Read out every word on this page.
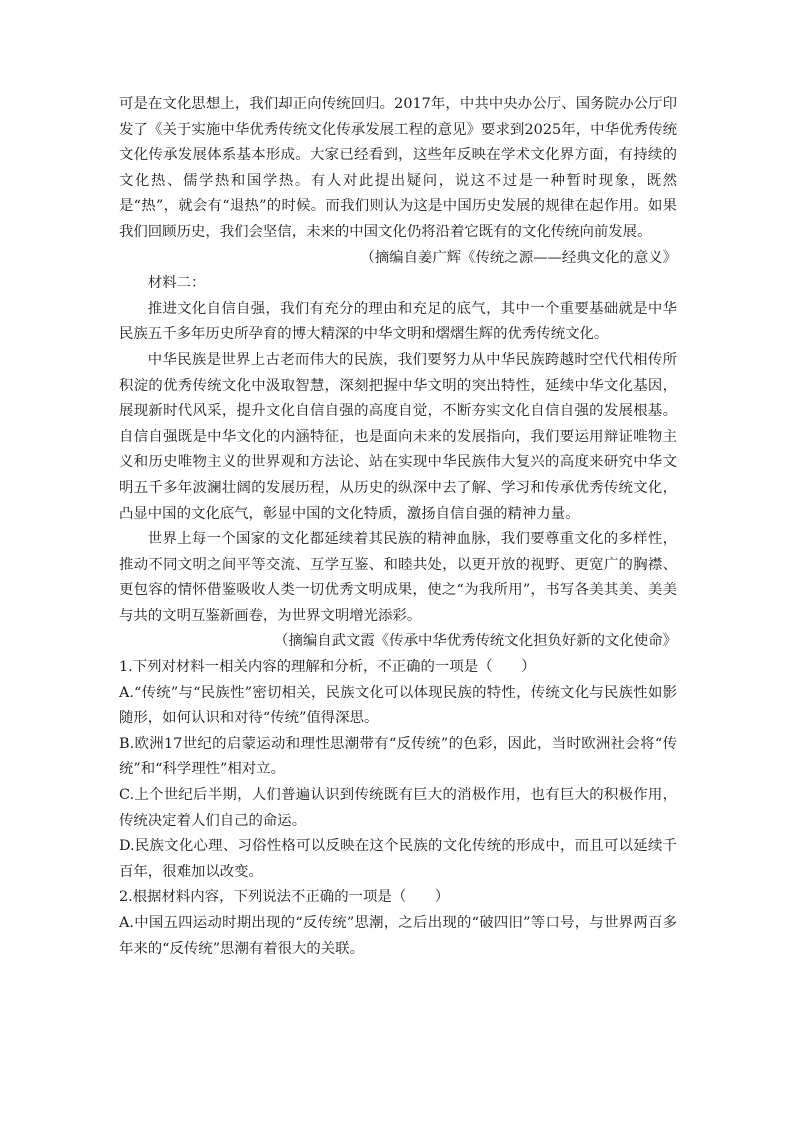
可是在文化思想上，我们却正向传统回归。2017年，中共中央办公厅、国务院办公厅印发了《关于实施中华优秀传统文化传承发展工程的意见》要求到2025年，中华优秀传统文化传承发展体系基本形成。大家已经看到，这些年反映在学术文化界方面，有持续的文化热、儒学热和国学热。有人对此提出疑问，说这不过是一种暂时现象，既然是“热”，就会有“退热”的时候。而我们则认为这是中国历史发展的规律在起作用。如果我们回顾历史，我们会坚信，未来的中国文化仍将沿着它既有的文化传统向前发展。

（摘编自姜广辉《传统之源——经典文化的意义》

材料二：

推进文化自信自强，我们有充分的理由和充足的底气，其中一个重要基础就是中华民族五千多年历史所孕育的博大精深的中华文明和熠熠生辉的优秀传统文化。

中华民族是世界上古老而伟大的民族，我们要努力从中华民族跨越时空代代相传所积淀的优秀传统文化中汲取智慧，深刻把握中华文明的突出特性，延续中华文化基因，展现新时代风采，提升文化自信自强的高度自觉，不断夯实文化自信自强的发展根基。自信自强既是中华文化的内涵特征，也是面向未来的发展指向，我们要运用辩证唯物主义和历史唯物主义的世界观和方法论、站在实现中华民族伟大复兴的高度来研究中华文明五千多年波澜壮阔的发展历程，从历史的纵深中去了解、学习和传承优秀传统文化，凸显中国的文化底气，彰显中国的文化特质，激扬自信自强的精神力量。

世界上每一个国家的文化都延续着其民族的精神血脉，我们要尊重文化的多样性，推动不同文明之间平等交流、互学互鉴、和睦共处，以更开放的视野、更宽广的胸襟、更包容的情怀借鉴吸收人类一切优秀文明成果，使之“为我所用”，书写各美其美、美美与共的文明互鉴新画卷，为世界文明增光添彩。

（摘编自武文霞《传承中华优秀传统文化担负好新的文化使命》

1.下列对材料一相关内容的理解和分析，不正确的一项是（　　）

A.“传统”与“民族性”密切相关，民族文化可以体现民族的特性，传统文化与民族性如影随形，如何认识和对待“传统”值得深思。

B.欧洲17世纪的启蒙运动和理性思潮带有“反传统”的色彩，因此，当时欧洲社会将“传统”和“科学理性”相对立。

C.上个世纪后半期，人们普遍认识到传统既有巨大的消极作用，也有巨大的积极作用，传统决定着人们自己的命运。

D.民族文化心理、习俗性格可以反映在这个民族的文化传统的形成中，而且可以延续千百年，很难加以改变。

2.根据材料内容，下列说法不正确的一项是（　　）

A.中国五四运动时期出现的“反传统”思潮，之后出现的“破四旧”等口号，与世界两百多年来的“反传统”思潮有着很大的关联。
